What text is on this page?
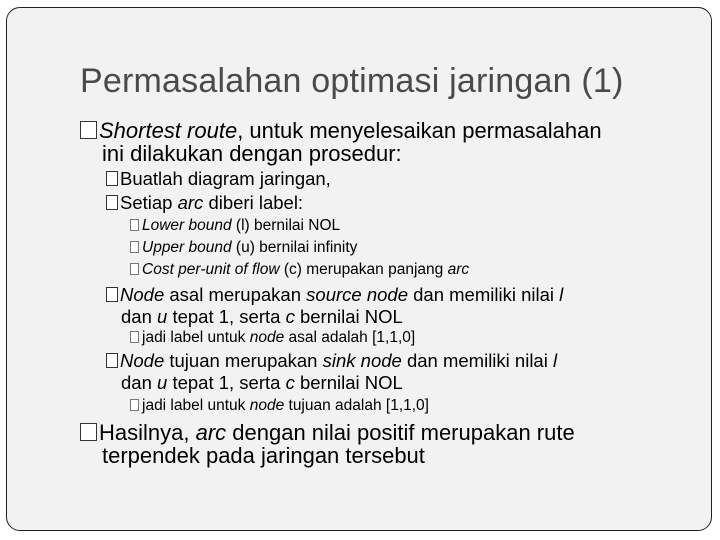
Permasalahan optimasi jaringan (1)
Shortest route, untuk menyelesaikan permasalahan
ini dilakukan dengan prosedur:
Buatlah diagram jaringan,
Setiap arc diberi label:
Lower bound (l) bernilai NOL
Upper bound (u) bernilai infinity
Cost per-unit of flow (c) merupakan panjang arc
Node asal merupakan source node dan memiliki nilai l
dan u tepat 1, serta c bernilai NOL
jadi label untuk node asal adalah [1,1,0]
Node tujuan merupakan sink node dan memiliki nilai l
dan u tepat 1, serta c bernilai NOL
jadi label untuk node tujuan adalah [1,1,0]
Hasilnya, arc dengan nilai positif merupakan rute
terpendek pada jaringan tersebut
